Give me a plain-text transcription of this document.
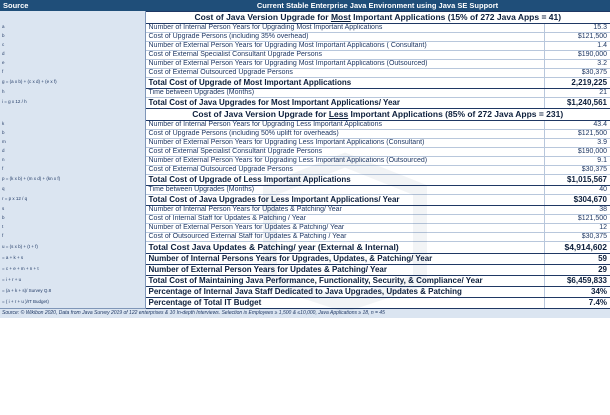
Source	Current Stable Enterprise Java Environment using Java SE Support	
	Cost of Java Version Upgrade for Most Important Applications (15% of 272 Java Apps = 41)	
a	Number of Internal Person Years for Upgrading Most Important Applications	15.3
b	Cost of Upgrade Persons (including 35% overhead)	$121,500
c	Number of External Person Years for Upgrading Most Important Applications ( Consultant)	1.4
d	Cost of External Specialist Consultant Upgrade Persons	$190,000
e	Number of External Person Years for Upgrading Most Important Applications (Outsourced)	3.2
f	Cost of External Outsourced Upgrade Persons	$30,375
g = (a x b) + (c x d) + (e x f)	Total Cost of Upgrade of Most Important Applications	2,219,225
h	Time between Upgrades (Months)	21
i = g x 12 / h	Total Cost of Java Upgrades for Most Important Applications/ Year	$1,240,561
	Cost of Java Version Upgrade for Less Important Applications (85% of 272 Java Apps = 231)	
k	Number of Internal Person Years for Upgrading Less Important Applications	43.4
b	Cost of Upgrade Persons (including 50% uplift for overheads)	$121,500
m	Number of External Person Years for Upgrading Less Important Applications (Consultant)	3.9
d	Cost of External Specialist Consultant Upgrade Persons	$190,000
n	Number of External Person Years for Upgrading Less Important Applications (Outsourced)	9.1
f	Cost of External Outsourced Upgrade Persons	$30,375
p = (k x b) + (m x d) + (kn x f)	Total Cost of Upgrade of Less Important Applications	$1,015,567
q	Time between Upgrades (Months)	40
r = p x 12 / q	Total Cost of Java Upgrades for Less Important Applications/ Year	$304,670
s	Number of Internal Person Years for Updates & Patching/ Year	38
b	Cost of Internal Staff for Updates & Patching / Year	$121,500
t	Number of External Person Years for Updates & Patching/ Year	12
f	Cost of Outsourced External Staff for Updates & Patching / Year	$30,375
u = (s x b) + (t + f)	Total Cost Java Updates & Patching/ year (External & Internal)	$4,914,602
= a + k + s	Number of Internal Persons Years for Upgrades, Updates, & Patching/ Year	59
= c + e + m + n + t	Number of External Person Years for Updates & Patching/ Year	29
= i + r + u	Total Cost of Maintaining Java Performance, Functionality, Security, & Compliance/ Year	$6,459,833
= (a + k + s)/ Survey Q.8	Percentage of Internal Java Staff Dedicated to Java Upgrades, Updates & Patching	34%
= ( i + r + u )/IT Budget)	Percentage of Total IT Budget	7.4%
Source: © Wikibon 2020, Data from Java Survey 2019 of 122 enterprises & 10 In-depth Interviews. Selection is Employees ≥ 1,500 & ≤10,000, Java Applications ≥ 18, n = 45		
